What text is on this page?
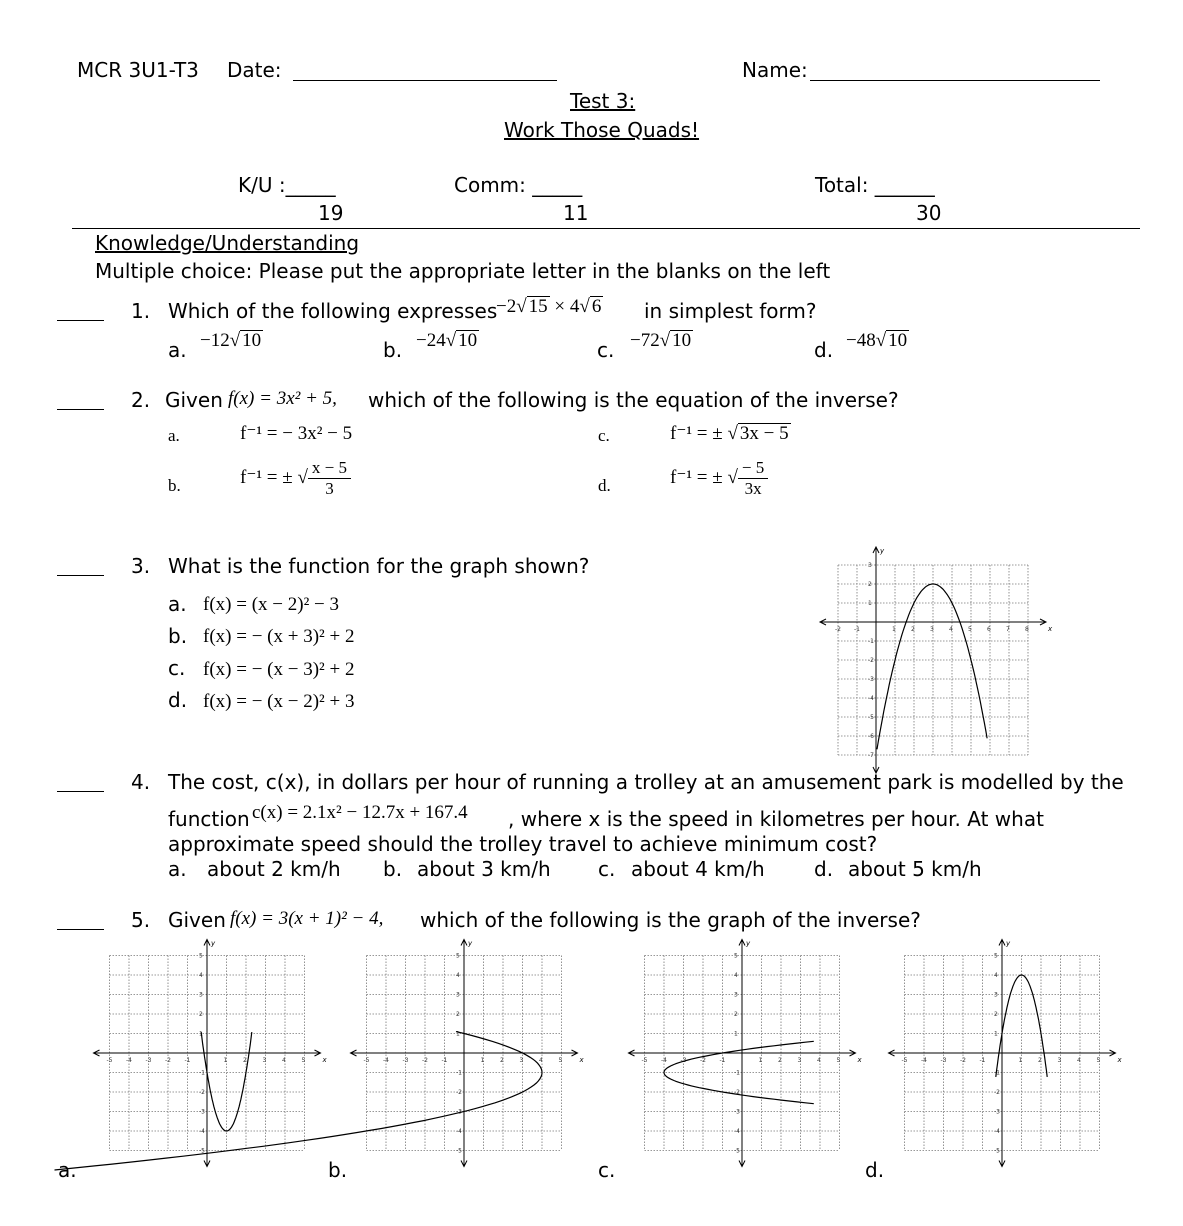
MCR 3U1-T3 Date:	Name:
Test 3:
Work Those Quads!
K/U :_____
19
Comm: _____
11
Total: ______
30
Knowledge/Understanding
Multiple choice: Please put the appropriate letter in the blanks on the left
1. Which of the following expresses
−2√ 15 × 4√ 6 in simplest form?
a. −12√ 10	b. −24√ 10	c. −72√ 10	d. −48√ 10
2. Given f(x) = 3x² + 5, which of the following is the equation of the inverse?
a.	f⁻¹ = − 3x² − 5	c.	f⁻¹ = ± √ 3x − 5
b.	f⁻¹ = ± √ $\frac{x - 5}{3}$	d.	f⁻¹ = ± √ $\frac{- 5}{3x}$
3. What is the function for the graph shown?
a. f(x) = (x − 2)² − 3
b. f(x) = − (x + 3)² + 2
c. f(x) = − (x − 3)² + 2
d. f(x) = − (x − 2)² + 3
-2 -1	1	2	3	4	5	6	7	8
-7
-6
-5
-4
-3
-2
-1
1
2
3
x
y
4. The cost, c(x), in dollars per hour of running a trolley at an amusement park is modelled by the
function c(x) = 2.1x² − 12.7x + 167.4 , where x is the speed in kilometres per hour. At what
approximate speed should the trolley travel to achieve minimum cost?
a. about 2 km/h b. about 3 km/h c. about 4 km/h d. about 5 km/h
5. Given f(x) = 3(x + 1)² − 4, which of the following is the graph of the inverse?
-5 -4 -3 -2 -1	1	2	3	4	5
-5
-4
-3
-2
-1
1
2
3
4
5
x
y
-5 -4 -3 -2 -1	1	2	3	4	5
-5
-4
-3
-2
-1
1
2
3
4
5
x
y
-5 -4 -3 -2 -1	1	2	3	4	5
-5
-4
-3
-2
-1
1
2
3
4
5
x
y
-5 -4 -3 -2 -1	1	2	3	4	5
-5
-4
-3
-2
-1
1
2
3
4
5
x
y
a.	b.	c.	d.
